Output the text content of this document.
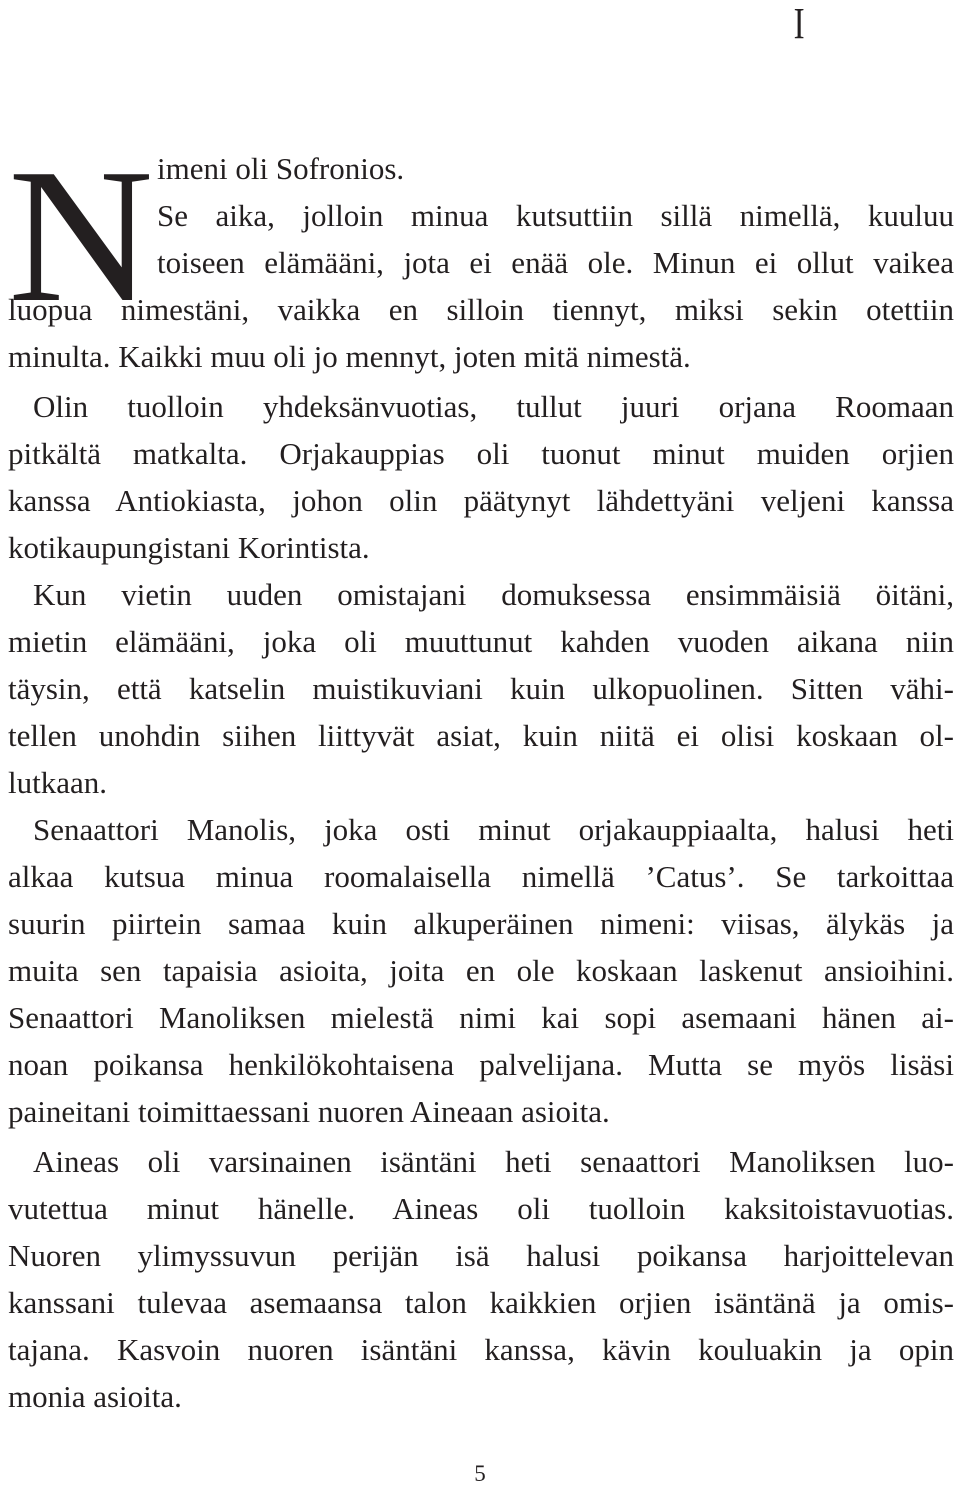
I
N imeni oli Sofronios.
Se aika, jolloin minua kutsuttiin sillä nimellä, kuuluu
toiseen elämääni, jota ei enää ole. Minun ei ollut vaikea
luopua nimestäni, vaikka en silloin tiennyt, miksi sekin otettiin
minulta. Kaikki muu oli jo mennyt, joten mitä nimestä.
Olin tuolloin yhdeksänvuotias, tullut juuri orjana Roomaan
pitkältä matkalta. Orjakauppias oli tuonut minut muiden orjien
kanssa Antiokiasta, johon olin päätynyt lähdettyäni veljeni kanssa
kotikaupungistani Korintista.
Kun vietin uuden omistajani domuksessa ensimmäisiä öitäni,
mietin elämääni, joka oli muuttunut kahden vuoden aikana niin
täysin, että katselin muistikuviani kuin ulkopuolinen. Sitten vähi-
tellen unohdin siihen liittyvät asiat, kuin niitä ei olisi koskaan ol-
lutkaan.
Senaattori Manolis, joka osti minut orjakauppiaalta, halusi heti
alkaa kutsua minua roomalaisella nimellä ’Catus’. Se tarkoittaa
suurin piirtein samaa kuin alkuperäinen nimeni: viisas, älykäs ja
muita sen tapaisia asioita, joita en ole koskaan laskenut ansioihini.
Senaattori Manoliksen mielestä nimi kai sopi asemaani hänen ai-
noan poikansa henkilökohtaisena palvelijana. Mutta se myös lisäsi
paineitani toimittaessani nuoren Aineaan asioita.
Aineas oli varsinainen isäntäni heti senaattori Manoliksen luo-
vutettua minut hänelle. Aineas oli tuolloin kaksitoistavuotias.
Nuoren ylimyssuvun perijän isä halusi poikansa harjoittelevan
kanssani tulevaa asemaansa talon kaikkien orjien isäntänä ja omis-
tajana. Kasvoin nuoren isäntäni kanssa, kävin kouluakin ja opin
monia asioita.
5
